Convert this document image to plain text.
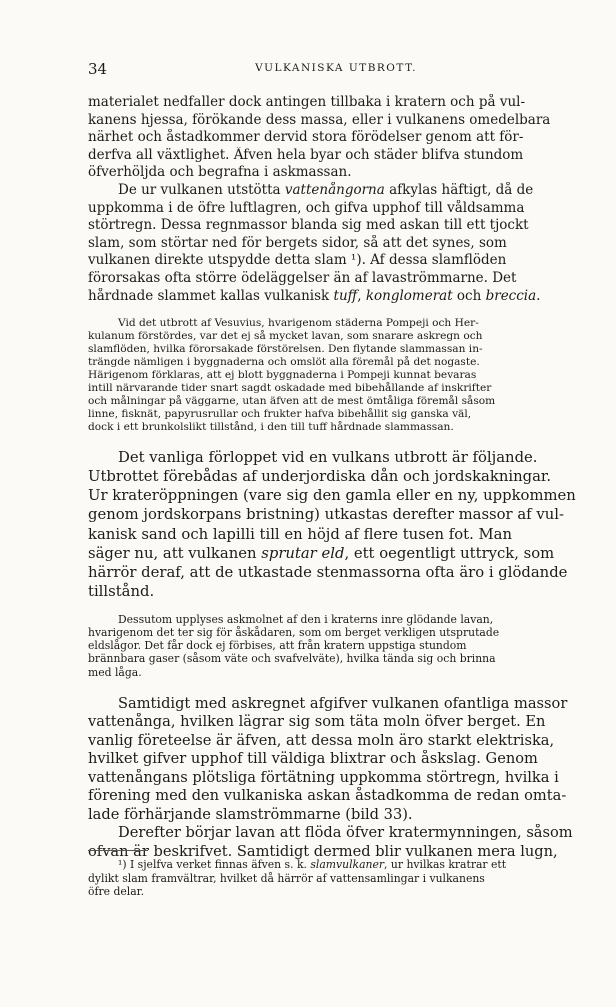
34	VULKANISKA UTBROTT.
materialet nedfaller dock antingen tillbaka i kratern och på vul-
kanens hjessa, förökande dess massa, eller i vulkanens omedelbara
närhet och åstadkommer dervid stora förödelser genom att för-
derfva all växtlighet. Äfven hela byar och städer blifva stundom
öfverhöljda och begrafna i askmassan.
De ur vulkanen utstötta vattenångorna afkylas häftigt, då de
uppkomma i de öfre luftlagren, och gifva upphof till våldsamma
störtregn. Dessa regnmassor blanda sig med askan till ett tjockt
slam, som störtar ned för bergets sidor, så att det synes, som
vulkanen direkte utspydde detta slam ¹). Af dessa slamflöden
förorsakas ofta större ödeläggelser än af lavaströmmarne. Det
hårdnade slammet kallas vulkanisk tuff, konglomerat och breccia.
Vid det utbrott af Vesuvius, hvarigenom städerna Pompeji och Her-
kulanum förstördes, var det ej så mycket lavan, som snarare askregn och
slamflöden, hvilka förorsakade förstörelsen. Den flytande slammassan in-
trängde nämligen i byggnaderna och omslöt alla föremål på det nogaste.
Härigenom förklaras, att ej blott byggnaderna i Pompeji kunnat bevaras
intill närvarande tider snart sagdt oskadade med bibehållande af inskrifter
och målningar på väggarne, utan äfven att de mest ömtåliga föremål såsom
linne, fisknät, papyrusrullar och frukter hafva bibehållit sig ganska väl,
dock i ett brunkolslikt tillstånd, i den till tuff hårdnade slammassan.
Det vanliga förloppet vid en vulkans utbrott är följande.
Utbrottet förebådas af underjordiska dån och jordskakningar.
Ur krateröppningen (vare sig den gamla eller en ny, uppkommen
genom jordskorpans bristning) utkastas derefter massor af vul-
kanisk sand och lapilli till en höjd af flere tusen fot. Man
säger nu, att vulkanen sprutar eld, ett oegentligt uttryck, som
härrör deraf, att de utkastade stenmassorna ofta äro i glödande
tillstånd.
Dessutom upplyses askmolnet af den i kraterns inre glödande lavan,
hvarigenom det ter sig för åskådaren, som om berget verkligen utsprutade
eldslågor. Det får dock ej förbises, att från kratern uppstiga stundom
brännbara gaser (såsom väte och svafvelväte), hvilka tända sig och brinna
med låga.
Samtidigt med askregnet afgifver vulkanen ofantliga massor
vattenånga, hvilken lägrar sig som täta moln öfver berget. En
vanlig företeelse är äfven, att dessa moln äro starkt elektriska,
hvilket gifver upphof till väldiga blixtrar och åskslag. Genom
vattenångans plötsliga förtätning uppkomma störtregn, hvilka i
förening med den vulkaniska askan åstadkomma de redan omta-
lade förhärjande slamströmmarne (bild 33).
Derefter börjar lavan att flöda öfver kratermynningen, såsom
ofvan är beskrifvet. Samtidigt dermed blir vulkanen mera lugn,
¹) I sjelfva verket finnas äfven s. k. slamvulkaner, ur hvilkas kratrar ett
dylikt slam framvältrar, hvilket då härrör af vattensamlingar i vulkanens
öfre delar.
